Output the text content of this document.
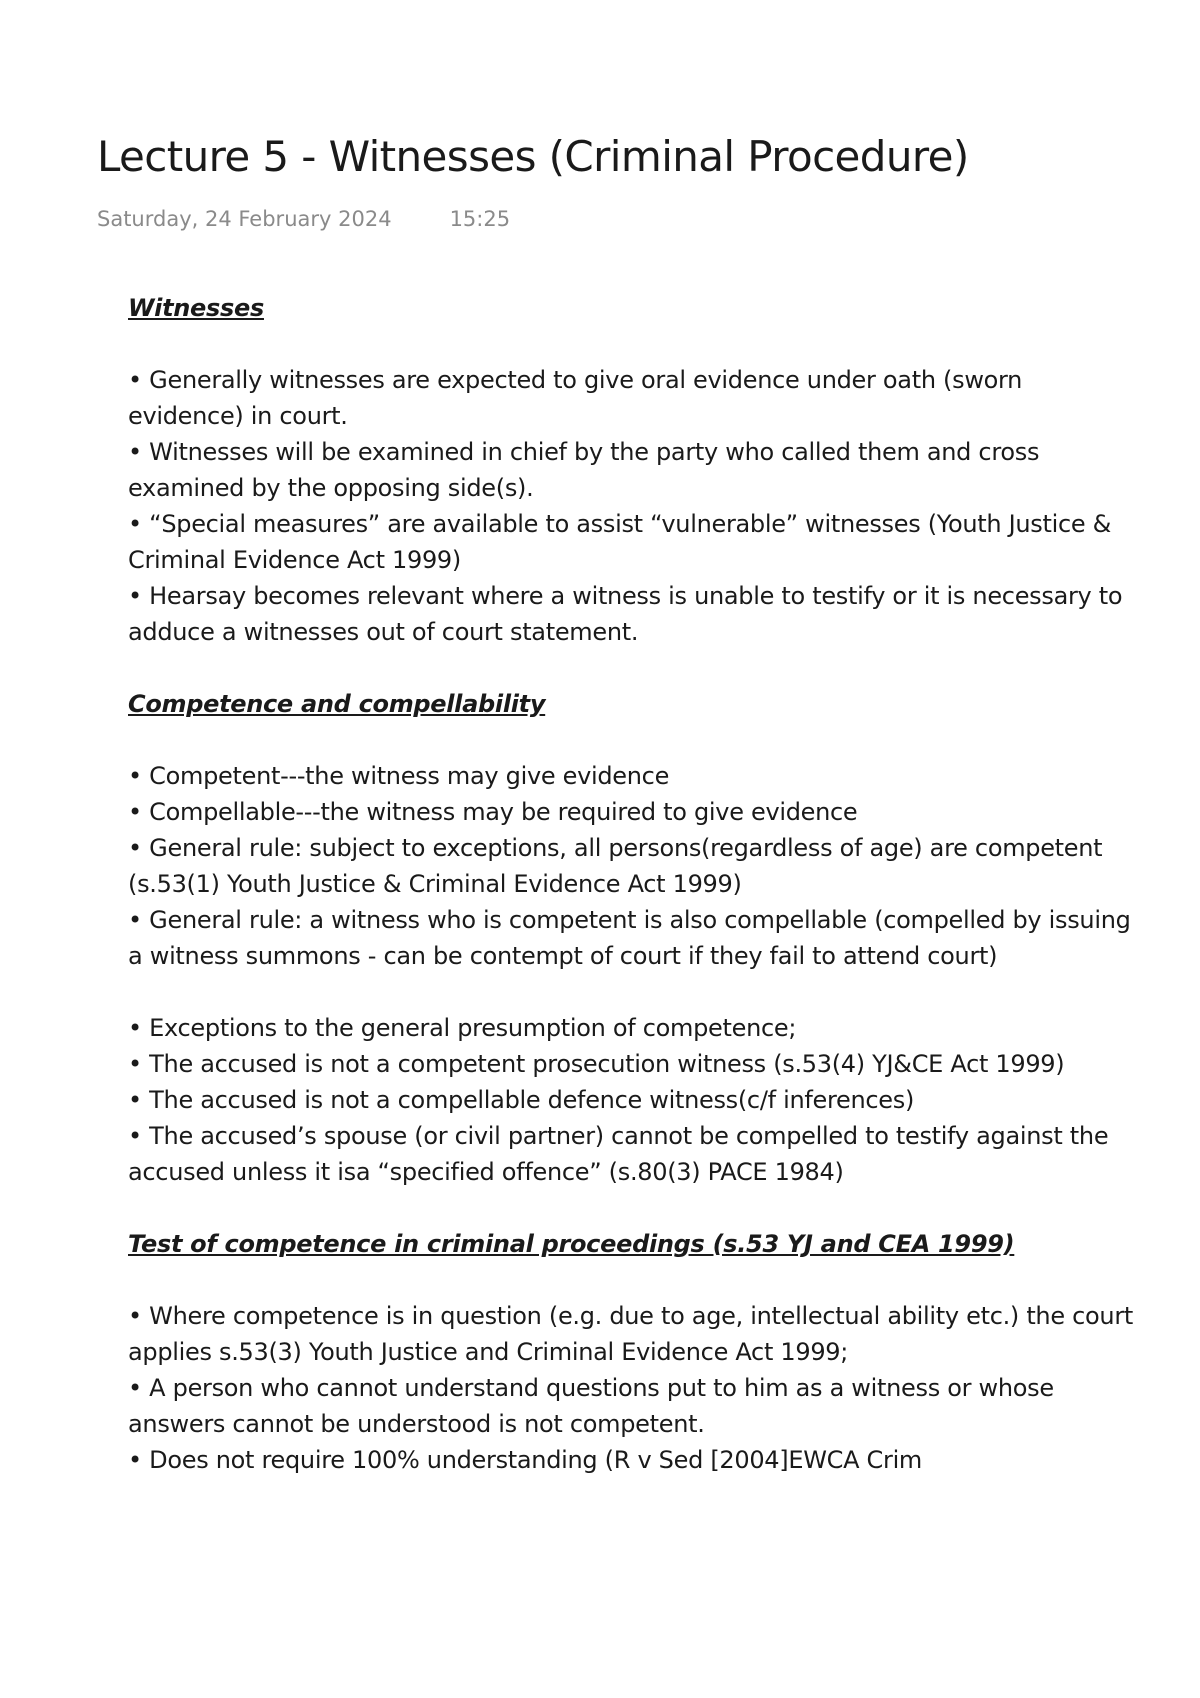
Lecture 5 - Witnesses (Criminal Procedure)
Saturday, 24 February 2024	15:25
Witnesses
• Generally witnesses are expected to give oral evidence under oath (sworn evidence) in court.
• Witnesses will be examined in chief by the party who called them and cross examined by the opposing side(s).
• “Special measures” are available to assist “vulnerable” witnesses (Youth Justice & Criminal Evidence Act 1999)
• Hearsay becomes relevant where a witness is unable to testify or it is necessary to adduce a witnesses out of court statement.
Competence and compellability
• Competent---the witness may give evidence
• Compellable---the witness may be required to give evidence
• General rule: subject to exceptions, all persons(regardless of age) are competent (s.53(1) Youth Justice & Criminal Evidence Act 1999)
• General rule: a witness who is competent is also compellable (compelled by issuing a witness summons - can be contempt of court if they fail to attend court)
• Exceptions to the general presumption of competence;
• The accused is not a competent prosecution witness (s.53(4) YJ&CE Act 1999)
• The accused is not a compellable defence witness(c/f inferences)
• The accused’s spouse (or civil partner) cannot be compelled to testify against the accused unless it isa “specified offence” (s.80(3) PACE 1984)
Test of competence in criminal proceedings (s.53 YJ and CEA 1999)
• Where competence is in question (e.g. due to age, intellectual ability etc.) the court applies s.53(3) Youth Justice and Criminal Evidence Act 1999;
• A person who cannot understand questions put to him as a witness or whose answers cannot be understood is not competent.
• Does not require 100% understanding (R v Sed [2004]EWCA Crim
